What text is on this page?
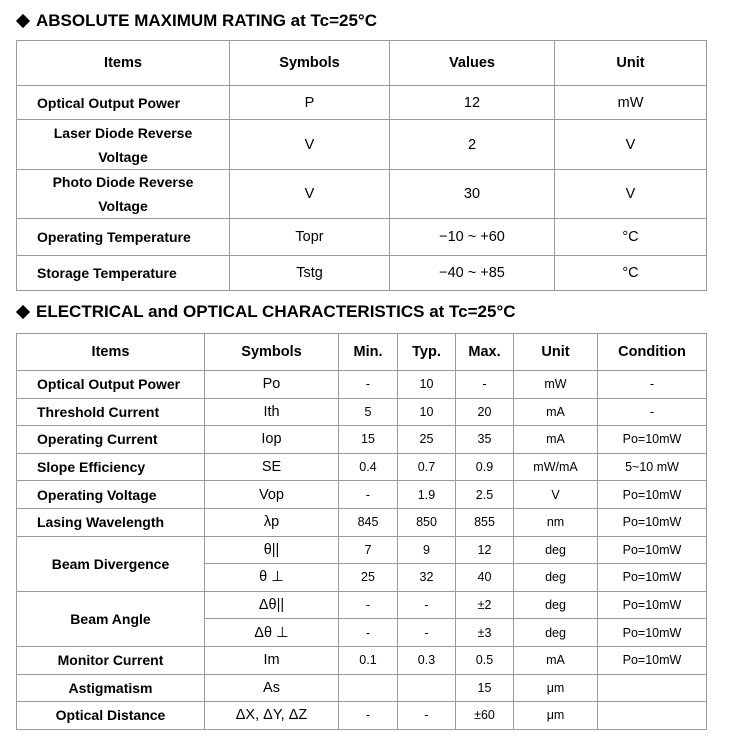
ABSOLUTE MAXIMUM RATING at Tc=25°C
Items	Symbols	Values	Unit
Optical Output Power	P	12	mW

Laser Diode Reverse
Voltage	V	2	V

Photo Diode Reverse
Voltage	V	30	V
Operating Temperature	Topr	−10 ~ +60	°C
Storage Temperature	Tstg	−40 ~ +85	°C
ELECTRICAL and OPTICAL CHARACTERISTICS at Tc=25°C
Items	Symbols	Min.	Typ.	Max.	Unit	Condition
Optical Output Power	Po	-	10	-	mW	-
Threshold Current	Ith	5	10	20	mA	-
Operating Current	Iop	15	25	35	mA	Po=10mW
Slope Efficiency	SE	0.4	0.7	0.9	mW/mA	5~10 mW
Operating Voltage	Vop	-	1.9	2.5	V	Po=10mW
Lasing Wavelength	λp	845	850	855	nm	Po=10mW
Beam Divergence	θ||	7	9	12	deg	Po=10mW
	θ ⊥	25	32	40	deg	Po=10mW
Beam Angle	Δθ||	-	-	±2	deg	Po=10mW
	Δθ ⊥	-	-	±3	deg	Po=10mW
Monitor Current	Im	0.1	0.3	0.5	mA	Po=10mW
Astigmatism	As			15	μm	
Optical Distance	ΔX, ΔY, ΔZ	-	-	±60	μm	
